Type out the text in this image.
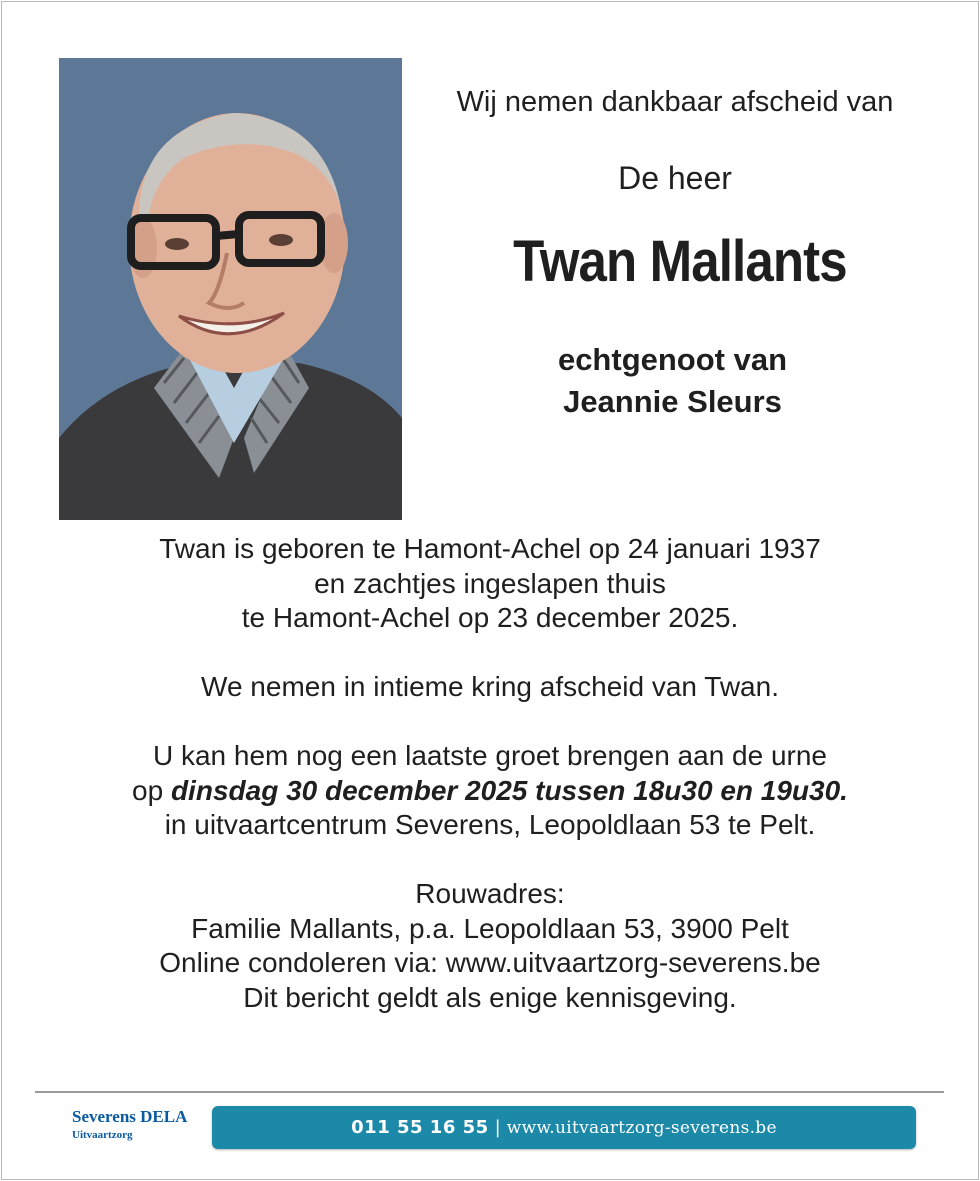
Wij nemen dankbaar afscheid van
De heer
Twan Mallants
echtgenoot van
Jeannie Sleurs

Twan is geboren te Hamont-Achel op 24 januari 1937

en zachtjes ingeslapen thuis

te Hamont-Achel op 23 december 2025.

We nemen in intieme kring afscheid van Twan.

U kan hem nog een laatste groet brengen aan de urne

op dinsdag 30 december 2025 tussen 18u30 en 19u30.

in uitvaartcentrum Severens, Leopoldlaan 53 te Pelt.

Rouwadres:

Familie Mallants, p.a. Leopoldlaan 53, 3900 Pelt

Online condoleren via: www.uitvaartzorg-severens.be

Dit bericht geldt als enige kennisgeving.

Severens DELA
Uitvaartzorg	011 55 16 55 | www.uitvaartzorg-severens.be
